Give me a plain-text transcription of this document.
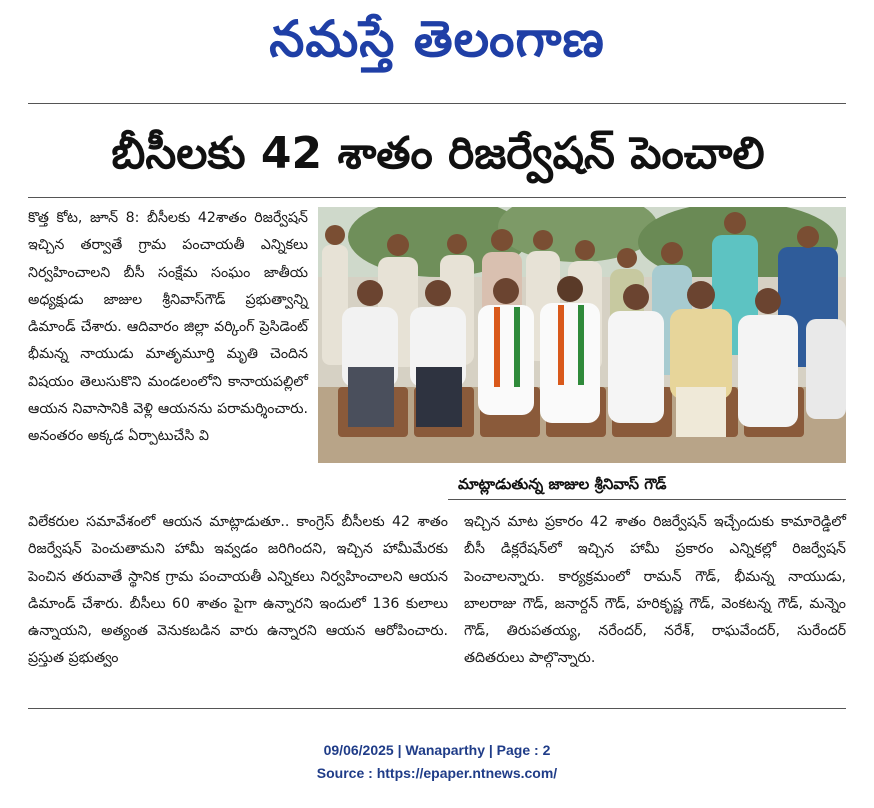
నమస్తే తెలంగాణ
బీసీలకు 42 శాతం రిజర్వేషన్ పెంచాలి

కొత్త కోట, జూన్ 8: బీసీలకు 42శాతం రిజర్వేషన్ ఇచ్చిన తర్వాతే గ్రామ పంచాయతీ ఎన్నికలు నిర్వహించాలని బీసీ సంక్షేమ సంఘం జాతీయ అధ్యక్షుడు జాజుల శ్రీనివాస్‌గౌడ్ ప్రభుత్వాన్ని డిమాండ్ చేశారు. ఆదివారం జిల్లా వర్కింగ్ ప్రెసిడెంట్ భీమన్న నాయుడు మాతృమూర్తి మృతి చెందిన విషయం తెలుసుకొని మండలంలోని కానాయపల్లిలో ఆయన నివాసానికి వెళ్లి ఆయనను పరామర్శించారు. అనంతరం అక్కడ ఏర్పాటుచేసి వి

మాట్లాడుతున్న జాజుల శ్రీనివాస్ గౌడ్

విలేకరుల సమావేశంలో ఆయన మాట్లాడుతూ.. కాంగ్రెస్ బీసీలకు 42 శాతం రిజర్వేషన్ పెంచుతామని హామీ ఇవ్వడం జరిగిందని, ఇచ్చిన హామీమేరకు పెంచిన తరువాతే స్థానిక గ్రామ పంచాయతీ ఎన్నికలు నిర్వహించాలని ఆయన డిమాండ్ చేశారు. బీసీలు 60 శాతం పైగా ఉన్నారని ఇందులో 136 కులాలు ఉన్నాయని, అత్యంత వెనుకబడిన వారు ఉన్నారని ఆయన ఆరోపించారు. ప్రస్తుత ప్రభుత్వం

ఇచ్చిన మాట ప్రకారం 42 శాతం రిజర్వేషన్ ఇచ్చేందుకు కామారెడ్డిలో బీసీ డిక్లరేషన్‌లో ఇచ్చిన హామీ ప్రకారం ఎన్నికల్లో రిజర్వేషన్ పెంచాలన్నారు. కార్యక్రమంలో రామన్ గౌడ్, భీమన్న నాయుడు, బాలరాజు గౌడ్, జనార్దన్ గౌడ్, హరికృష్ణ గౌడ్, వెంకటన్న గౌడ్, మన్నెం గౌడ్, తిరుపతయ్య, నరేందర్, నరేశ్, రాఘవేందర్, సురేందర్ తదితరులు పాల్గొన్నారు.

09/06/2025 | Wanaparthy | Page : 2
Source : https://epaper.ntnews.com/
